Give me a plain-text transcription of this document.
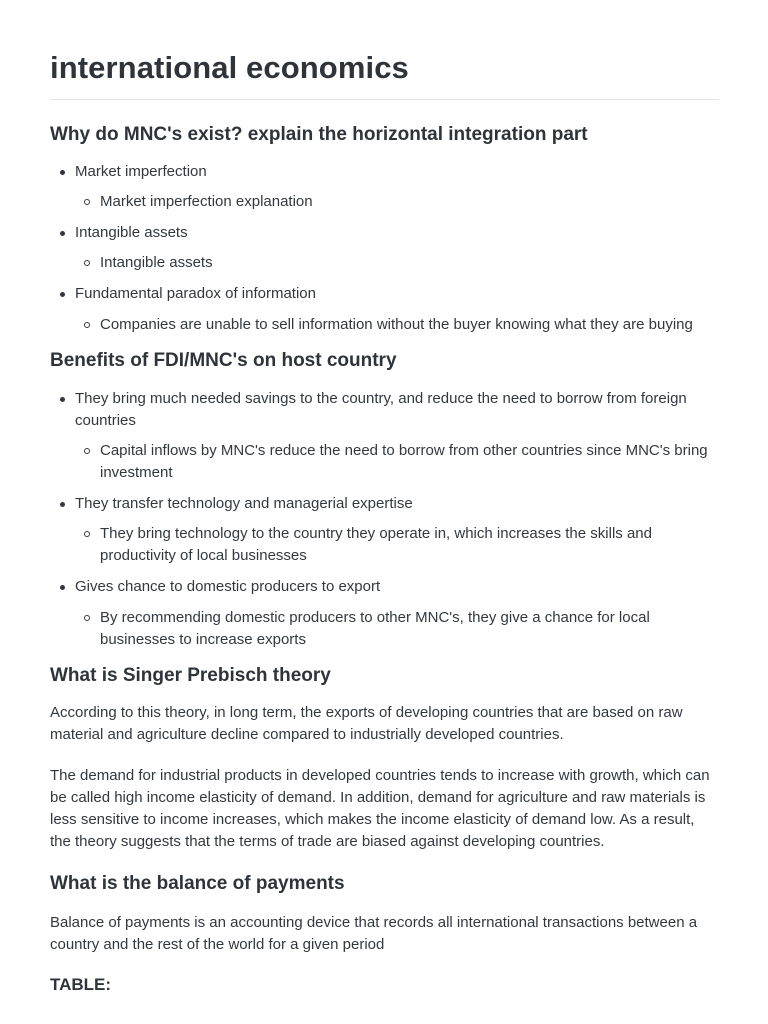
international economics
Why do MNC's exist? explain the horizontal integration part
Market imperfection
Market imperfection explanation
Intangible assets
Intangible assets
Fundamental paradox of information
Companies are unable to sell information without the buyer knowing what they are buying
Benefits of FDI/MNC's on host country
They bring much needed savings to the country, and reduce the need to borrow from foreign countries
Capital inflows by MNC's reduce the need to borrow from other countries since MNC's bring investment
They transfer technology and managerial expertise
They bring technology to the country they operate in, which increases the skills and productivity of local businesses
Gives chance to domestic producers to export
By recommending domestic producers to other MNC's, they give a chance for local businesses to increase exports
What is Singer Prebisch theory

According to this theory, in long term, the exports of developing countries that are based on raw material and agriculture decline compared to industrially developed countries.

The demand for industrial products in developed countries tends to increase with growth, which can be called high income elasticity of demand. In addition, demand for agriculture and raw materials is less sensitive to income increases, which makes the income elasticity of demand low. As a result, the theory suggests that the terms of trade are biased against developing countries.

What is the balance of payments

Balance of payments is an accounting device that records all international transactions between a country and the rest of the world for a given period

TABLE:
